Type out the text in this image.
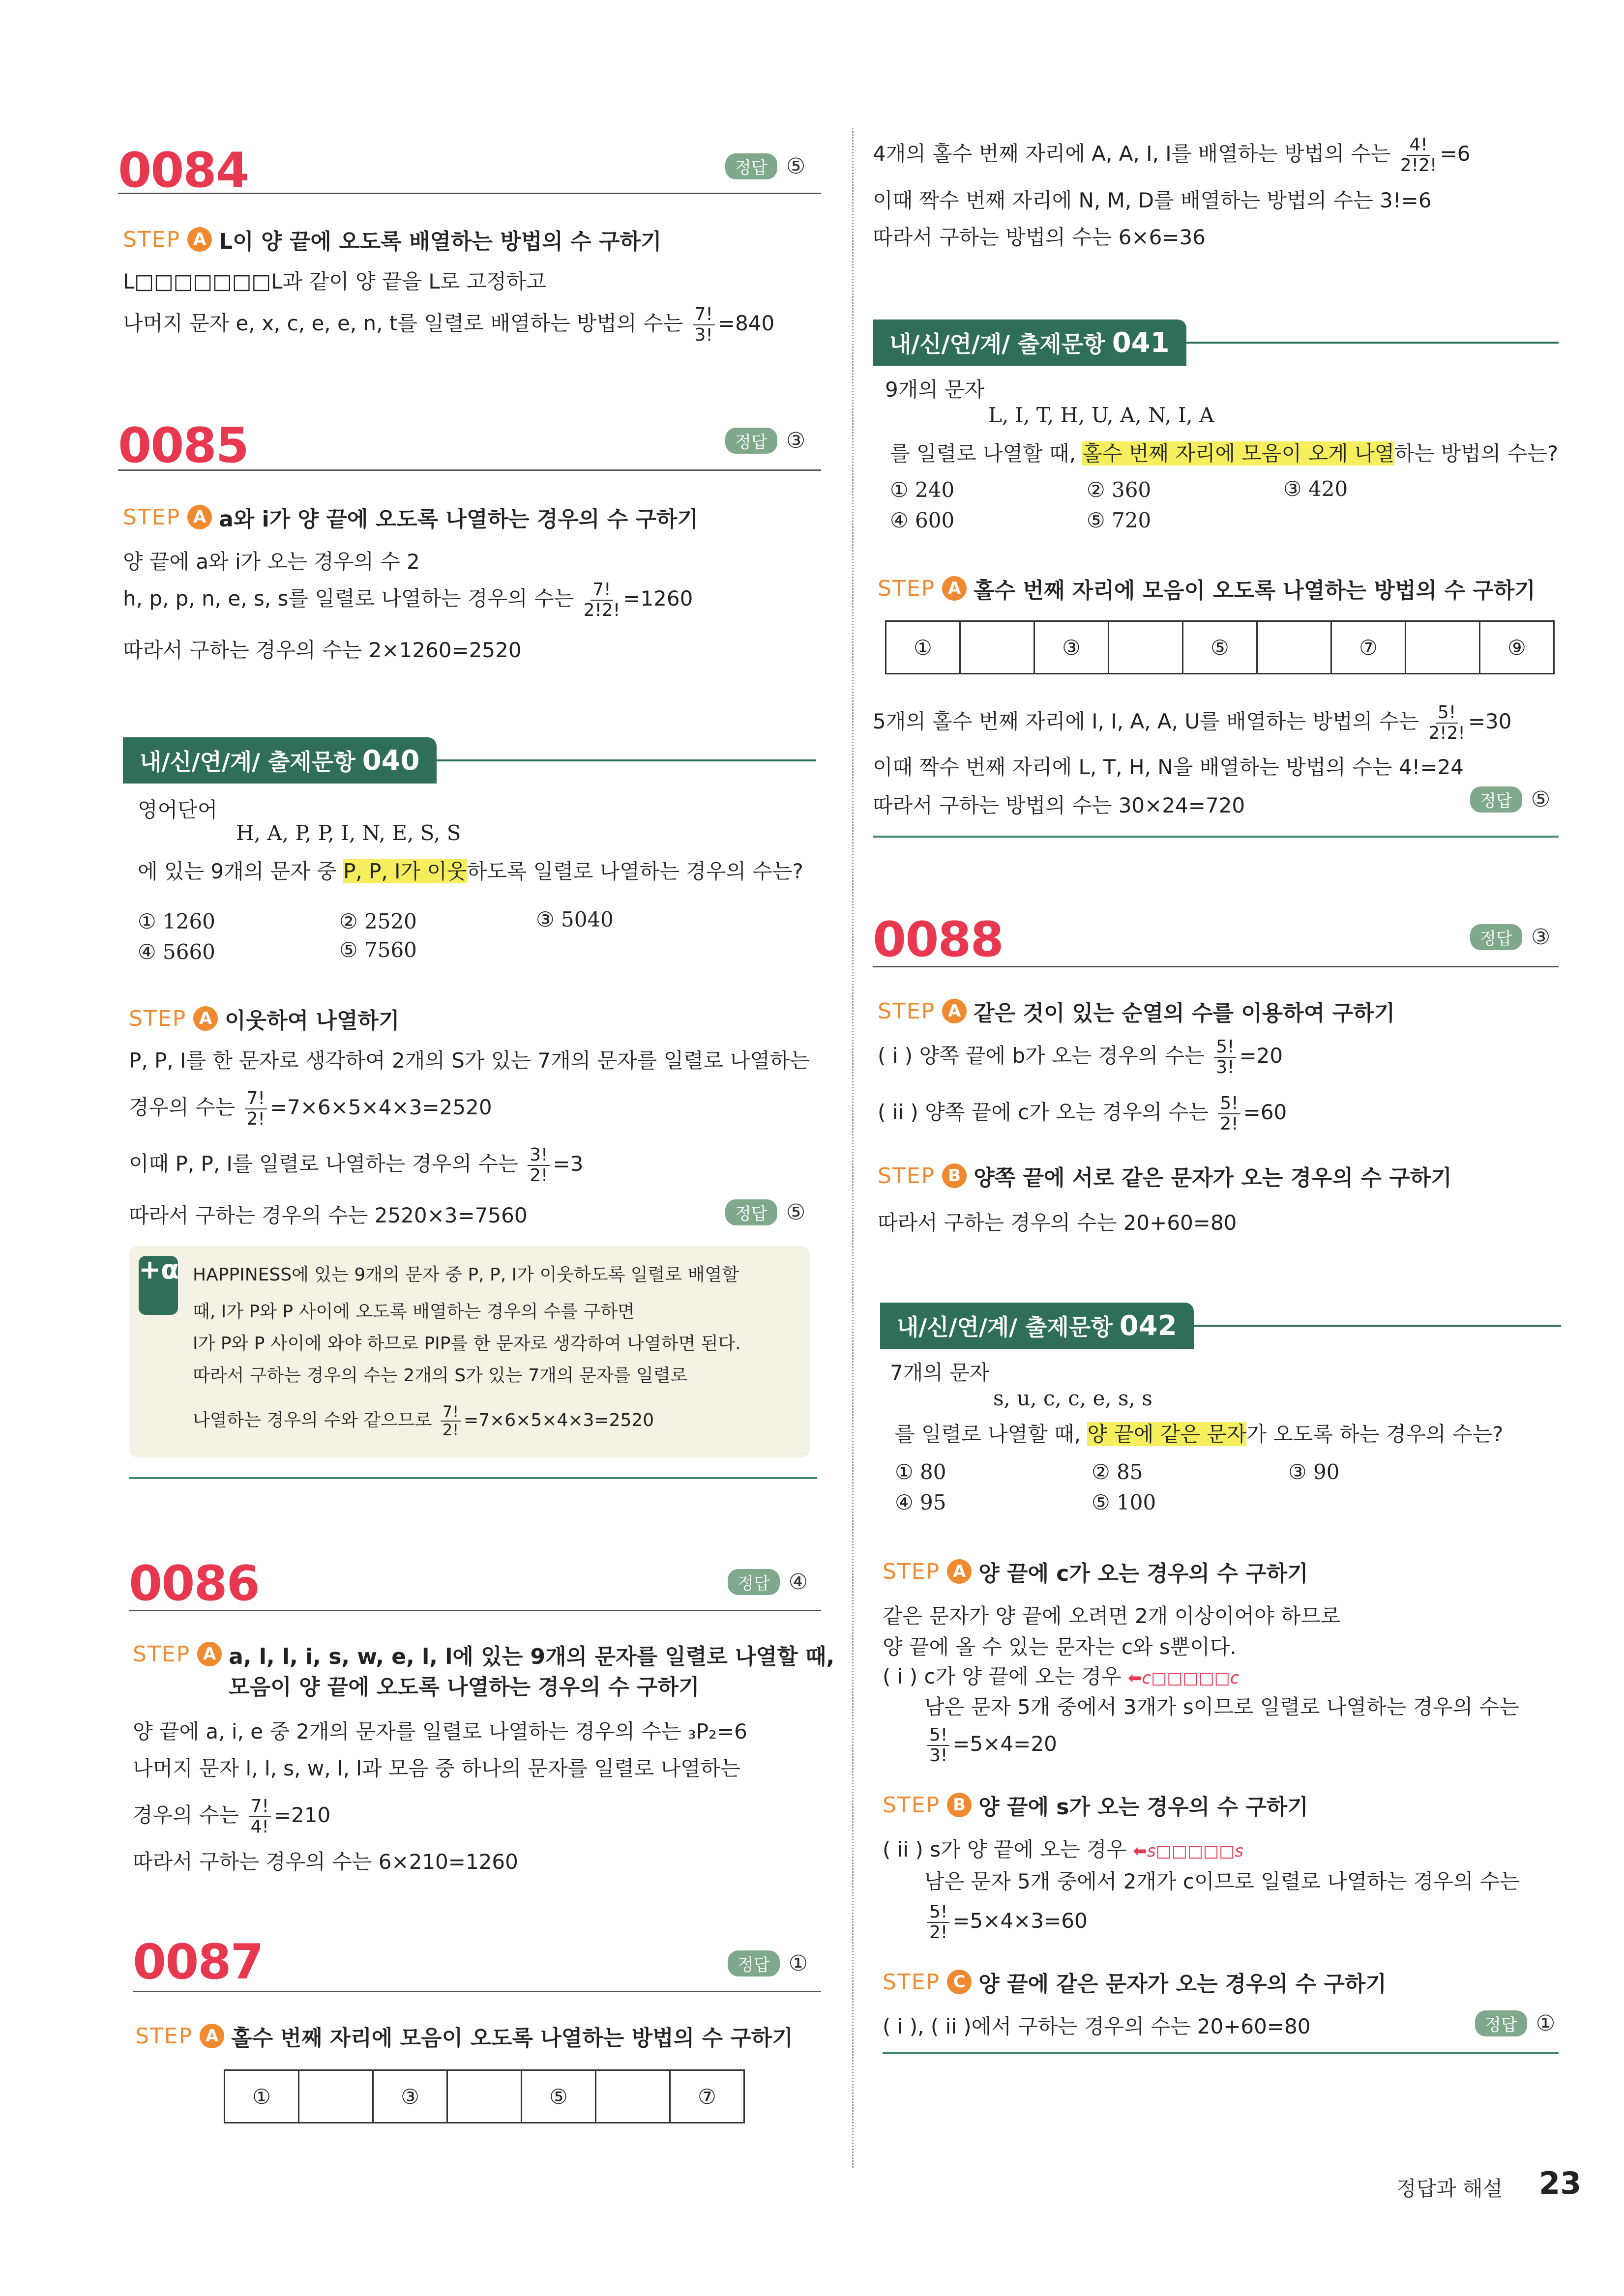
0084	정답 ⑤
STEP A L이 양 끝에 오도록 배열하는 방법의 수 구하기
L□□□□□□□L과 같이 양 끝을 L로 고정하고
나머지 문자 e, x, c, e, e, n, t를 일렬로 배열하는 방법의 수는 $\frac{7!}{3!} =840$
0085	정답 ③
STEP A a와 i가 양 끝에 오도록 나열하는 경우의 수 구하기
양 끝에 a와 i가 오는 경우의 수 2
h, p, p, n, e, s, s를 일렬로 나열하는 경우의 수는 $\frac{7!}{2!2!} =1260$
따라서 구하는 경우의 수는 2×1260=2520
내/신/연/계/ 출제문항 040
영어단어
H, A, P, P, I, N, E, S, S
에 있는 9개의 문자 중 P, P, I가 이웃하도록 일렬로 나열하는 경우의 수는?
① 1260	② 2520	③ 5040
④ 5660	⑤ 7560
STEP A 이웃하여 나열하기
P, P, I를 한 문자로 생각하여 2개의 S가 있는 7개의 문자를 일렬로 나열하는
경우의 수는 $\frac{7!}{2!} =7\times 6\times 5\times 4\times 3=2520$
이때 P, P, I를 일렬로 나열하는 경우의 수는 $\frac{3!}{2!} =3$
따라서 구하는 경우의 수는 2520×3=7560	정답 ⑤
+α HAPPINESS에 있는 9개의 문자 중 P, P, I가 이웃하도록 일렬로 배열할
때, I가 P와 P 사이에 오도록 배열하는 경우의 수를 구하면
I가 P와 P 사이에 와야 하므로 PIP를 한 문자로 생각하여 나열하면 된다.
따라서 구하는 경우의 수는 2개의 S가 있는 7개의 문자를 일렬로
나열하는 경우의 수와 같으므로 $\frac{7!}{2!} =7\times 6\times 5\times 4\times 3=2520$
0086	정답 ④
STEP A a, l, l, i, s, w, e, l, l에 있는 9개의 문자를 일렬로 나열할 때,
모음이 양 끝에 오도록 나열하는 경우의 수 구하기
양 끝에 a, i, e 중 2개의 문자를 일렬로 나열하는 경우의 수는 ₃P₂=6
나머지 문자 l, l, s, w, l, l과 모음 중 하나의 문자를 일렬로 나열하는
경우의 수는 $\frac{7!}{4!} =210$
따라서 구하는 경우의 수는 6×210=1260
0087	정답 ①
STEP A 홀수 번째 자리에 모음이 오도록 나열하는 방법의 수 구하기
①	③	⑤	⑦
4개의 홀수 번째 자리에 A, A, I, I를 배열하는 방법의 수는 $\frac{4!}{2!2!} =6$
이때 짝수 번째 자리에 N, M, D를 배열하는 방법의 수는 3!=6
따라서 구하는 방법의 수는 6×6=36
내/신/연/계/ 출제문항 041
9개의 문자
L, I, T, H, U, A, N, I, A
를 일렬로 나열할 때, 홀수 번째 자리에 모음이 오게 나열하는 방법의 수는?
① 240	② 360	③ 420
④ 600	⑤ 720
STEP A 홀수 번째 자리에 모음이 오도록 나열하는 방법의 수 구하기
①	③	⑤	⑦	⑨
5개의 홀수 번째 자리에 I, I, A, A, U를 배열하는 방법의 수는 $\frac{5!}{2!2!} =30$
이때 짝수 번째 자리에 L, T, H, N을 배열하는 방법의 수는 4!=24
따라서 구하는 방법의 수는 30×24=720	정답 ⑤
0088	정답 ③
STEP A 같은 것이 있는 순열의 수를 이용하여 구하기
( i ) 양쪽 끝에 b가 오는 경우의 수는 $\frac{5!}{3!} =20$
( ii ) 양쪽 끝에 c가 오는 경우의 수는 $\frac{5!}{2!} =60$
STEP B 양쪽 끝에 서로 같은 문자가 오는 경우의 수 구하기
따라서 구하는 경우의 수는 20+60=80
내/신/연/계/ 출제문항 042
7개의 문자
s, u, c, c, e, s, s
를 일렬로 나열할 때, 양 끝에 같은 문자가 오도록 하는 경우의 수는?
① 80	② 85	③ 90
④ 95	⑤ 100
STEP A 양 끝에 c가 오는 경우의 수 구하기
같은 문자가 양 끝에 오려면 2개 이상이어야 하므로
양 끝에 올 수 있는 문자는 c와 s뿐이다.
( i ) c가 양 끝에 오는 경우 ⬅c□□□□□c
남은 문자 5개 중에서 3개가 s이므로 일렬로 나열하는 경우의 수는
$\frac{5!}{3!} =5\times 4=20$
STEP B 양 끝에 s가 오는 경우의 수 구하기
( ii ) s가 양 끝에 오는 경우 ⬅s□□□□□s
남은 문자 5개 중에서 2개가 c이므로 일렬로 나열하는 경우의 수는
$\frac{5!}{2!} =5\times 4\times 3=60$
STEP C 양 끝에 같은 문자가 오는 경우의 수 구하기
( i ), ( ii )에서 구하는 경우의 수는 20+60=80	정답 ①
정답과 해설 23
